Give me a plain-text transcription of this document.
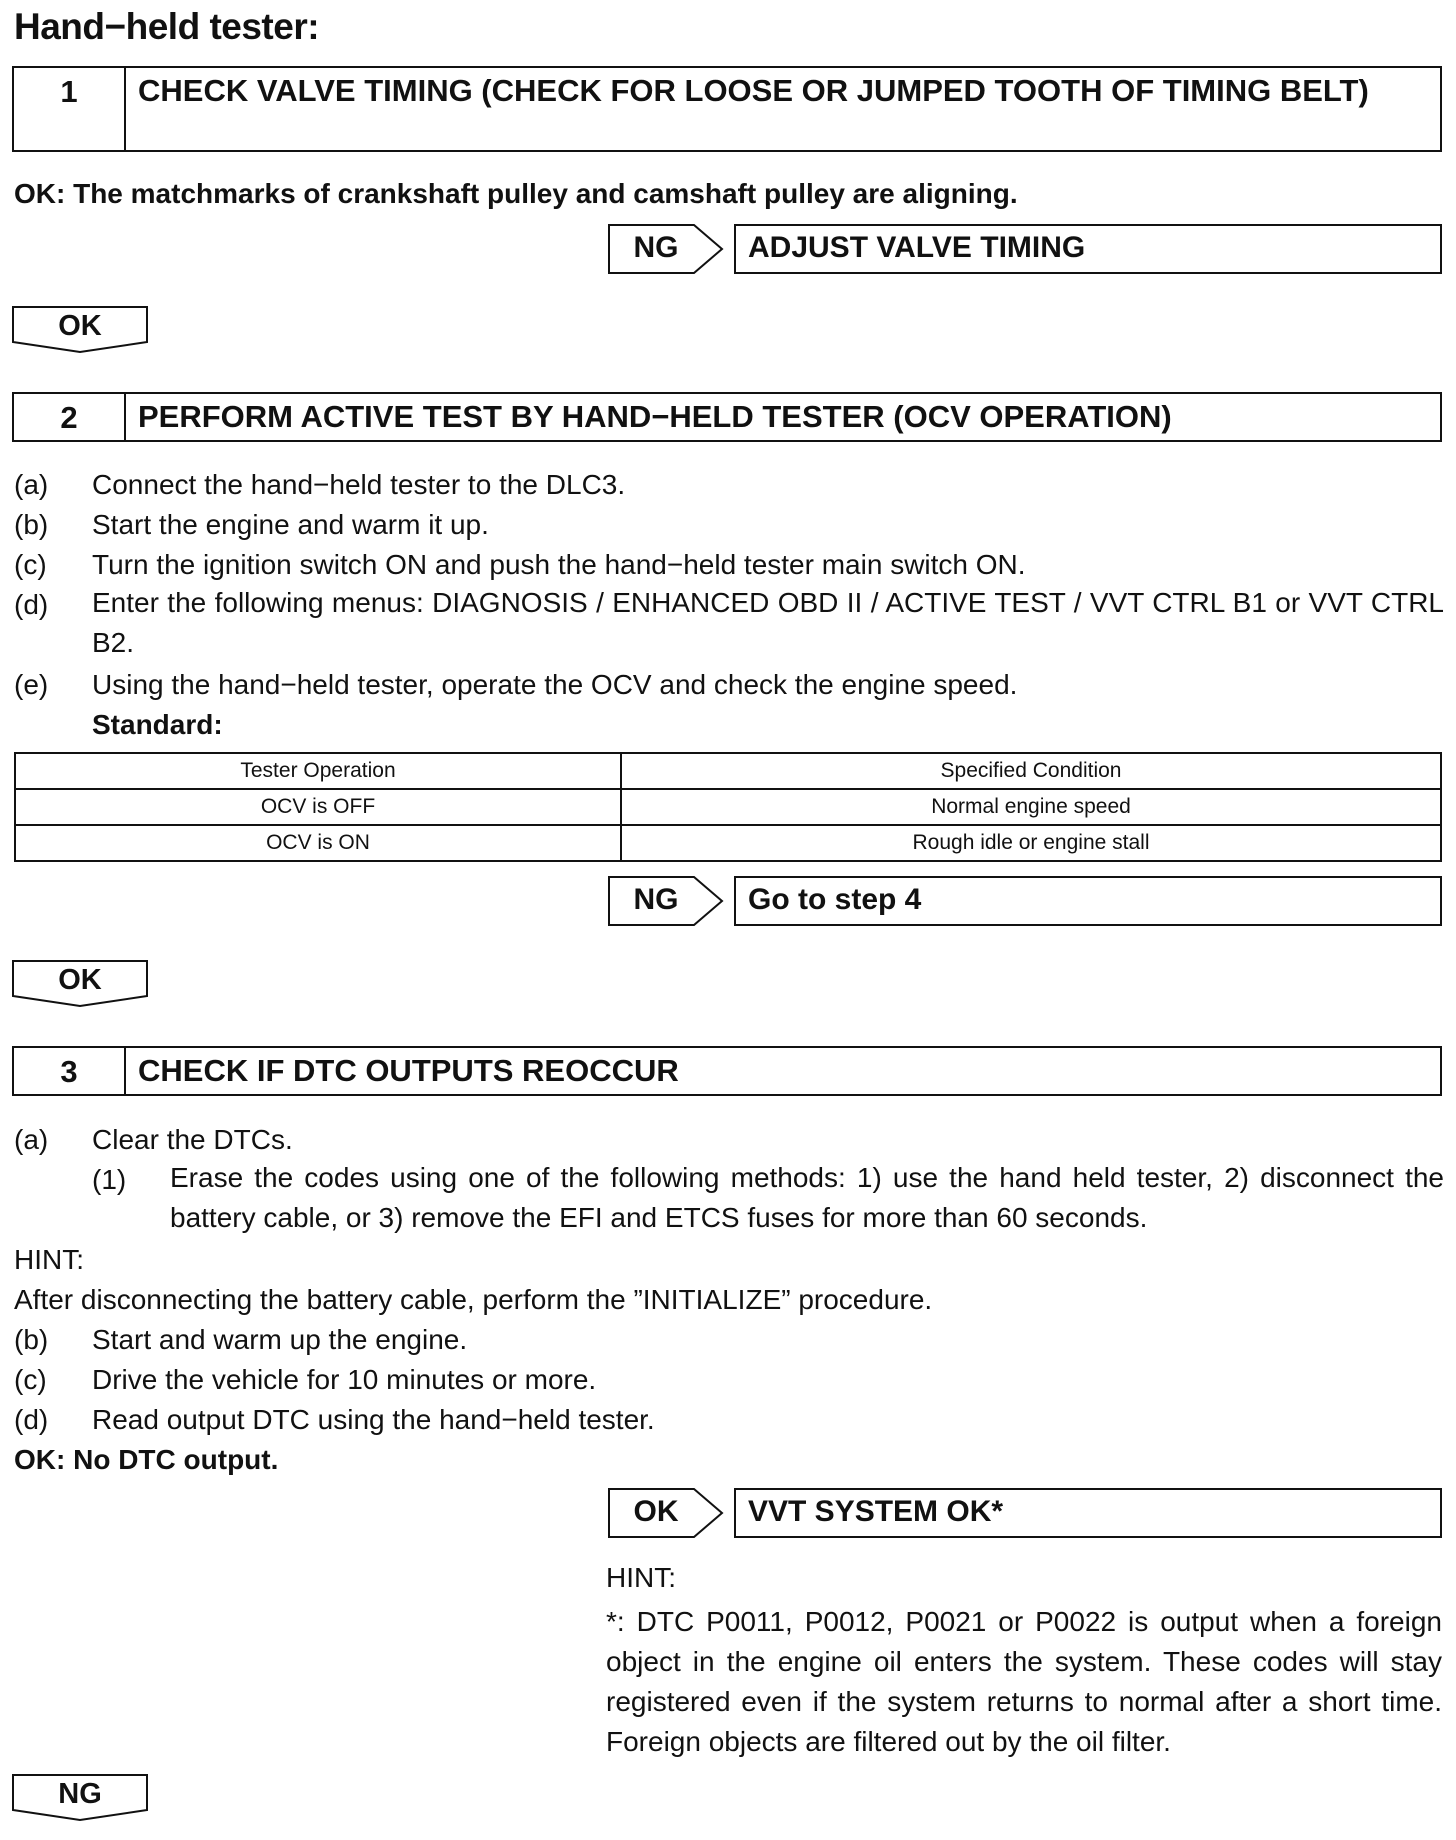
Hand−held tester:
1	CHECK VALVE TIMING (CHECK FOR LOOSE OR JUMPED TOOTH OF TIMING BELT)
OK: The matchmarks of crankshaft pulley and camshaft pulley are aligning.
NG	ADJUST VALVE TIMING
OK
2	PERFORM ACTIVE TEST BY HAND−HELD TESTER (OCV OPERATION)
(a) Connect the hand−held tester to the DLC3.
(b) Start the engine and warm it up.
(c) Turn the ignition switch ON and push the hand−held tester main switch ON.
(d) Enter the following menus: DIAGNOSIS / ENHANCED OBD II / ACTIVE TEST / VVT CTRL B1 or VVT CTRL B2.
(e) Using the hand−held tester, operate the OCV and check the engine speed.
Standard:
Tester Operation	Specified Condition
OCV is OFF	Normal engine speed
OCV is ON	Rough idle or engine stall
NG	Go to step 4
OK
3	CHECK IF DTC OUTPUTS REOCCUR
(a) Clear the DTCs.
(1)	Erase the codes using one of the following methods: 1) use the hand held tester, 2) disconnect the battery cable, or 3) remove the EFI and ETCS fuses for more than 60 seconds.
HINT:
After disconnecting the battery cable, perform the ”INITIALIZE” procedure.
(b) Start and warm up the engine.
(c) Drive the vehicle for 10 minutes or more.
(d) Read output DTC using the hand−held tester.
OK: No DTC output.
OK	VVT SYSTEM OK*
HINT:
*: DTC P0011, P0012, P0021 or P0022 is output when a foreign object in the engine oil enters the system. These codes will stay registered even if the system returns to normal after a short time. Foreign objects are filtered out by the oil filter.
NG
